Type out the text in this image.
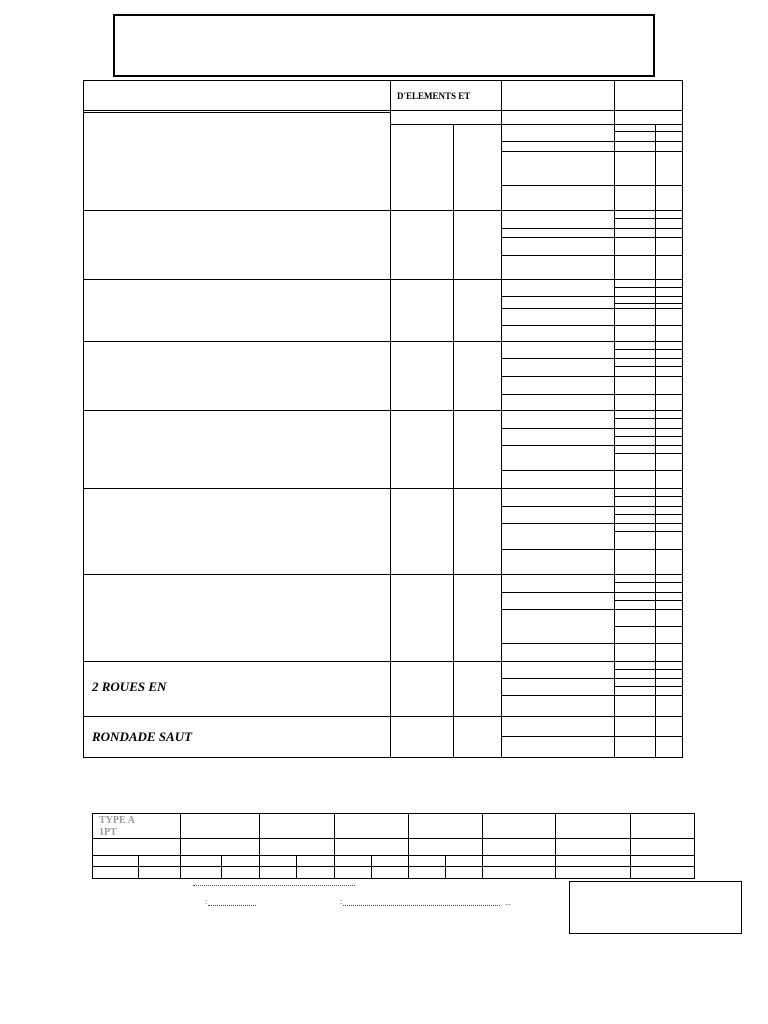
D'ELEMENTS ET
2 ROUES EN
RONDADE SAUT
TYPE A
1PT
:	:	...
